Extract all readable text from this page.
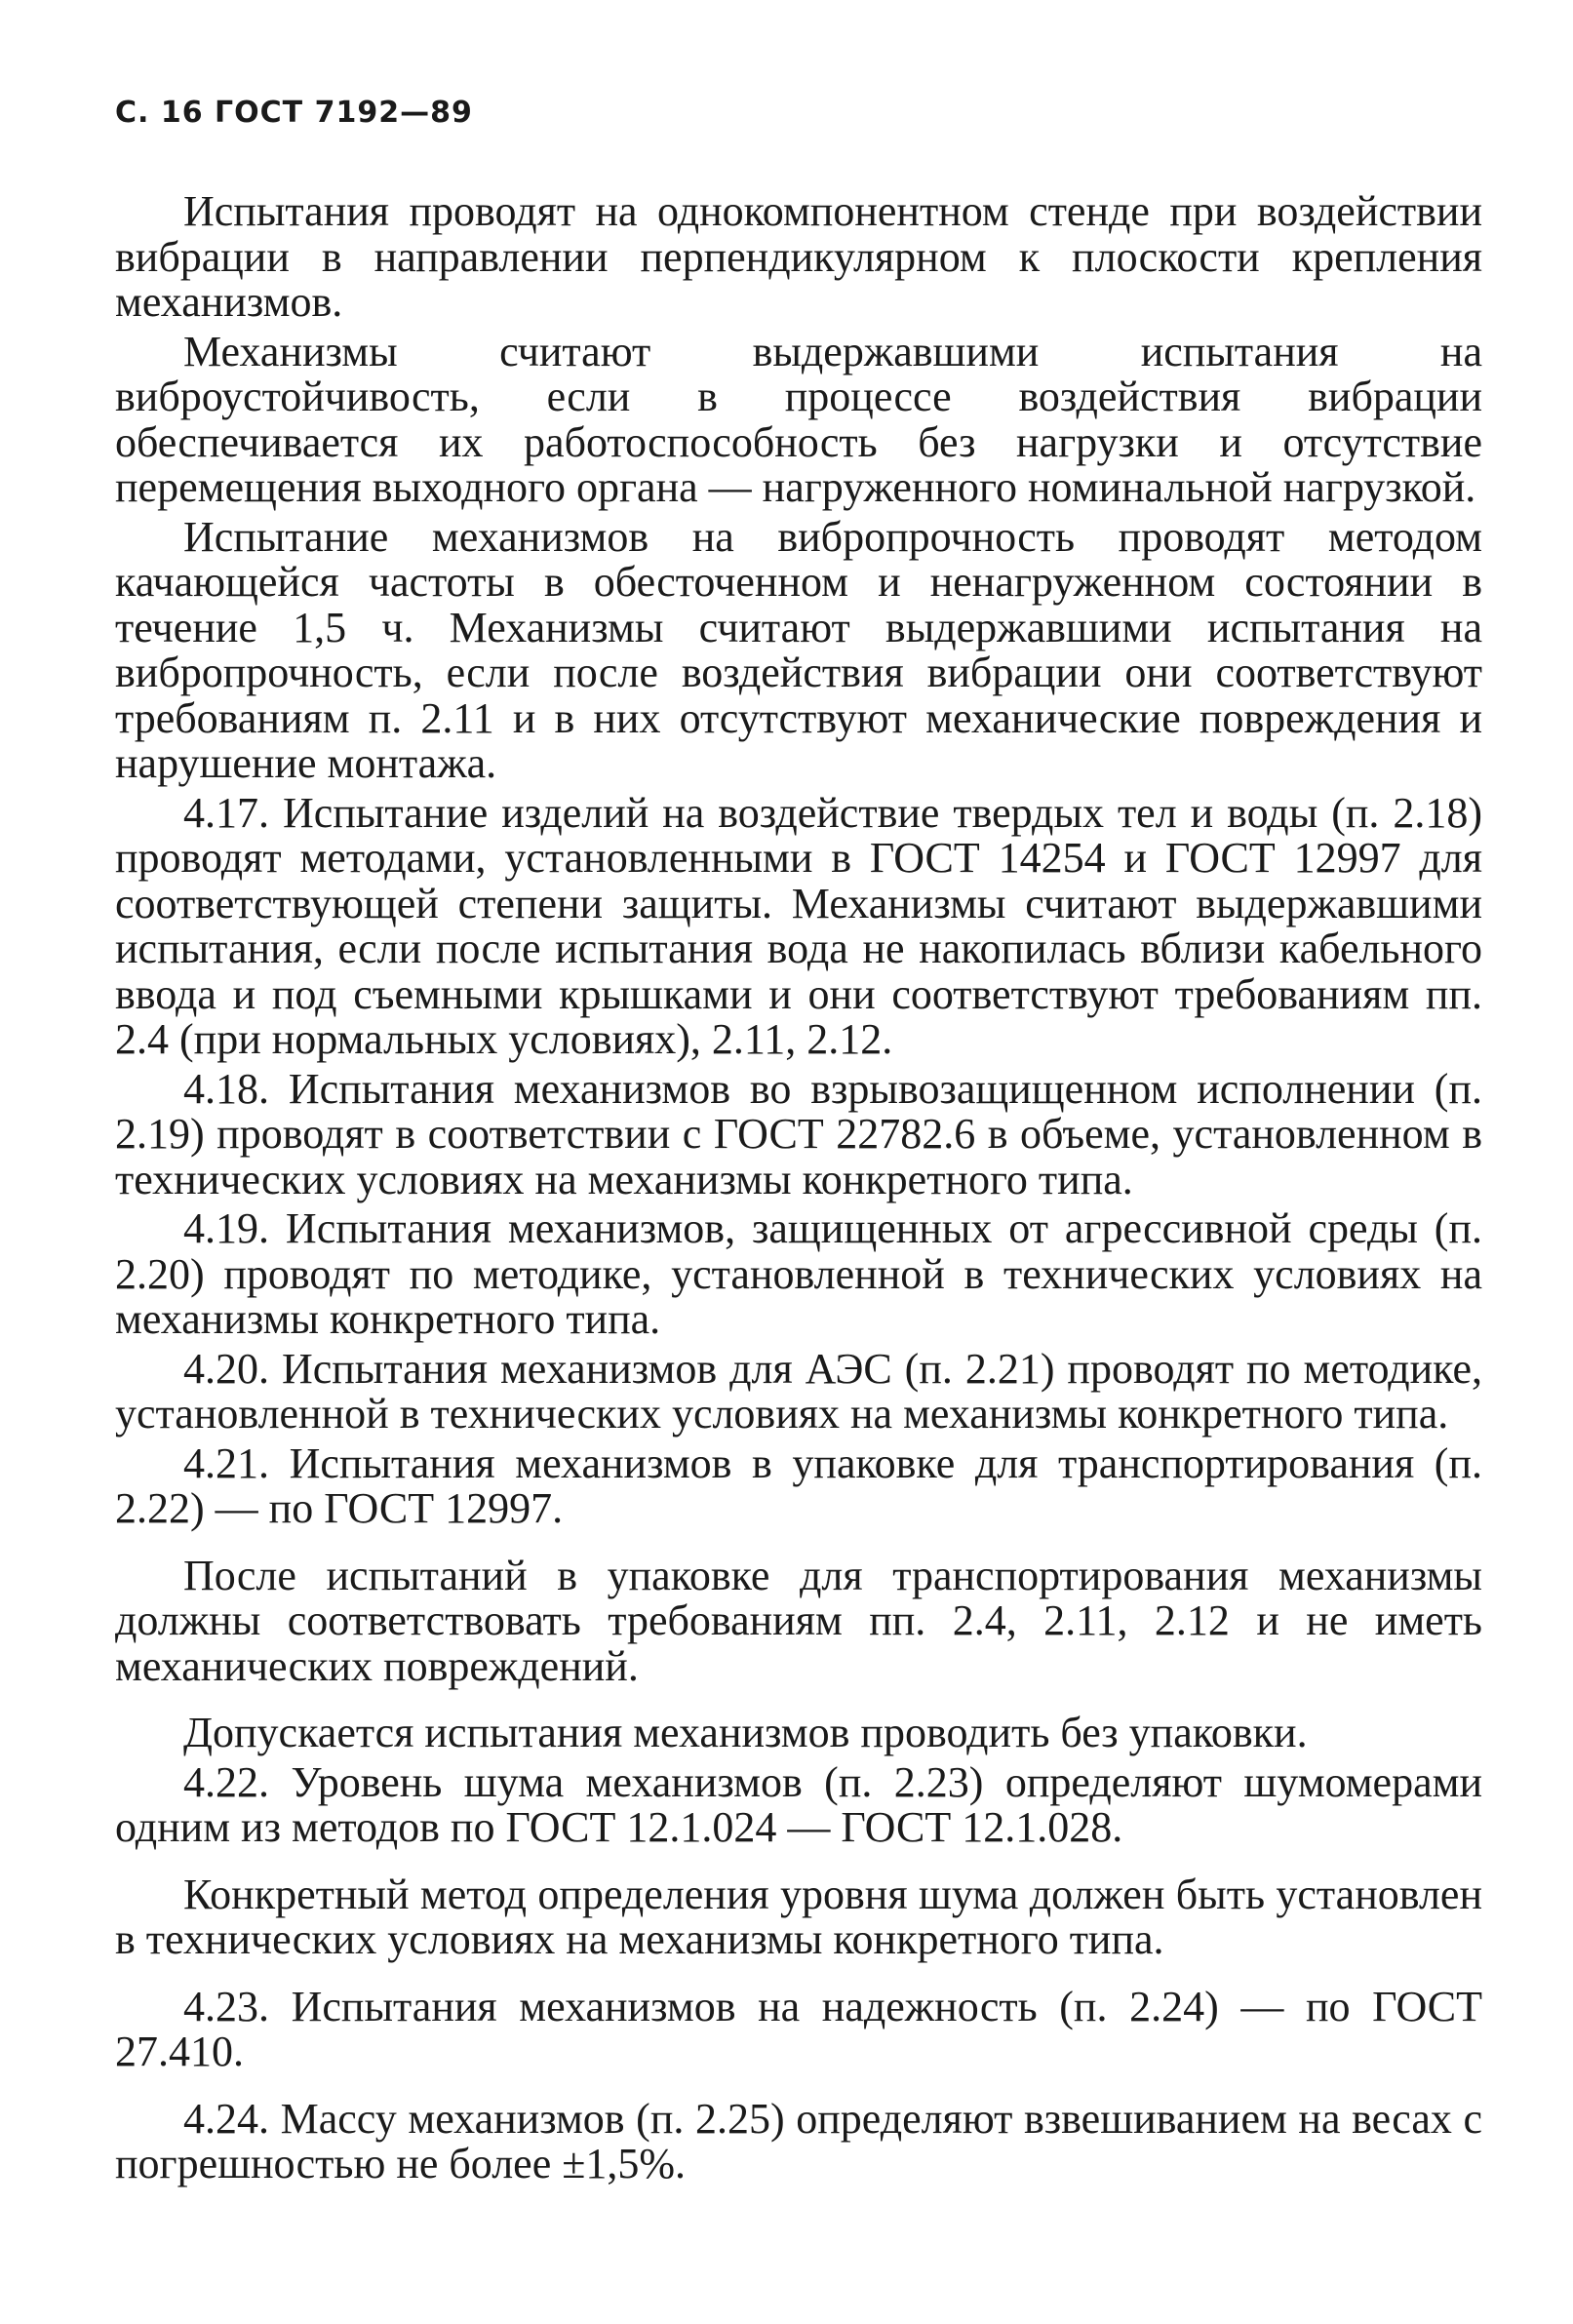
С. 16 ГОСТ 7192—89

Испытания проводят на однокомпонентном стенде при воздействии вибрации в направлении перпендикулярном к плоскости крепления механизмов.

Механизмы считают выдержавшими испытания на виброустойчивость, если в процессе воздействия вибрации обеспечивается их работоспособность без нагрузки и отсутствие перемещения выходного органа — нагруженного номинальной нагрузкой.

Испытание механизмов на вибропрочность проводят методом качающейся частоты в обесточенном и ненагруженном состоянии в течение 1,5 ч. Механизмы считают выдержавшими испытания на вибропрочность, если после воздействия вибрации они соответствуют требованиям п. 2.11 и в них отсутствуют механические повреждения и нарушение монтажа.

4.17. Испытание изделий на воздействие твердых тел и воды (п. 2.18) проводят методами, установленными в ГОСТ 14254 и ГОСТ 12997 для соответствующей степени защиты. Механизмы считают выдержавшими испытания, если после испытания вода не накопилась вблизи кабельного ввода и под съемными крышками и они соответствуют требованиям пп. 2.4 (при нормальных условиях), 2.11, 2.12.

4.18. Испытания механизмов во взрывозащищенном исполнении (п. 2.19) проводят в соответствии с ГОСТ 22782.6 в объеме, установленном в технических условиях на механизмы конкретного типа.

4.19. Испытания механизмов, защищенных от агрессивной среды (п. 2.20) проводят по методике, установленной в технических условиях на механизмы конкретного типа.

4.20. Испытания механизмов для АЭС (п. 2.21) проводят по методике, установленной в технических условиях на механизмы конкретного типа.

4.21. Испытания механизмов в упаковке для транспортирования (п. 2.22) — по ГОСТ 12997.

После испытаний в упаковке для транспортирования механизмы должны соответствовать требованиям пп. 2.4, 2.11, 2.12 и не иметь механических повреждений.

Допускается испытания механизмов проводить без упаковки.

4.22. Уровень шума механизмов (п. 2.23) определяют шумомерами одним из методов по ГОСТ 12.1.024 — ГОСТ 12.1.028.

Конкретный метод определения уровня шума должен быть установлен в технических условиях на механизмы конкретного типа.

4.23. Испытания механизмов на надежность (п. 2.24) — по ГОСТ 27.410.

4.24. Массу механизмов (п. 2.25) определяют взвешиванием на весах с погрешностью не более ±1,5%.
